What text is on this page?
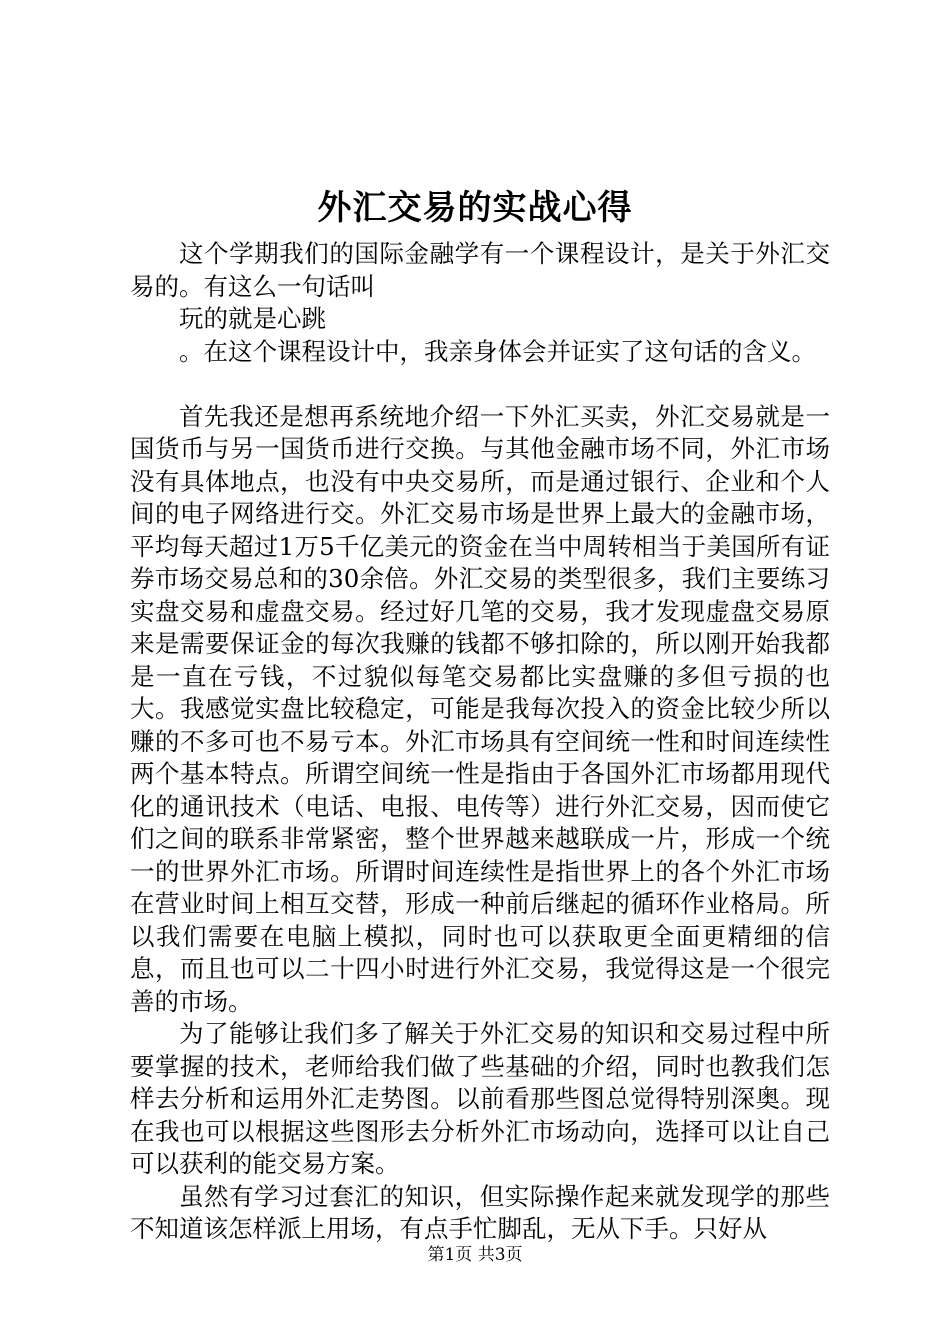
外汇交易的实战心得

这个学期我们的国际金融学有一个课程设计，是关于外汇交易的。有这么一句话叫

玩的就是心跳

。在这个课程设计中，我亲身体会并证实了这句话的含义。

首先我还是想再系统地介绍一下外汇买卖，外汇交易就是一国货币与另一国货币进行交换。与其他金融市场不同，外汇市场没有具体地点，也没有中央交易所，而是通过银行、企业和个人间的电子网络进行交。外汇交易市场是世界上最大的金融市场，平均每天超过1万5千亿美元的资金在当中周转相当于美国所有证券市场交易总和的30余倍。外汇交易的类型很多，我们主要练习实盘交易和虚盘交易。经过好几笔的交易，我才发现虚盘交易原来是需要保证金的每次我赚的钱都不够扣除的，所以刚开始我都是一直在亏钱，不过貌似每笔交易都比实盘赚的多但亏损的也大。我感觉实盘比较稳定，可能是我每次投入的资金比较少所以赚的不多可也不易亏本。外汇市场具有空间统一性和时间连续性两个基本特点。所谓空间统一性是指由于各国外汇市场都用现代化的通讯技术（电话、电报、电传等）进行外汇交易，因而使它们之间的联系非常紧密，整个世界越来越联成一片，形成一个统一的世界外汇市场。所谓时间连续性是指世界上的各个外汇市场在营业时间上相互交替，形成一种前后继起的循环作业格局。所以我们需要在电脑上模拟，同时也可以获取更全面更精细的信息，而且也可以二十四小时进行外汇交易，我觉得这是一个很完善的市场。

为了能够让我们多了解关于外汇交易的知识和交易过程中所要掌握的技术，老师给我们做了些基础的介绍，同时也教我们怎样去分析和运用外汇走势图。以前看那些图总觉得特别深奥。现在我也可以根据这些图形去分析外汇市场动向，选择可以让自己可以获利的能交易方案。

虽然有学习过套汇的知识，但实际操作起来就发现学的那些不知道该怎样派上用场，有点手忙脚乱，无从下手。只好从

第1页 共3页
